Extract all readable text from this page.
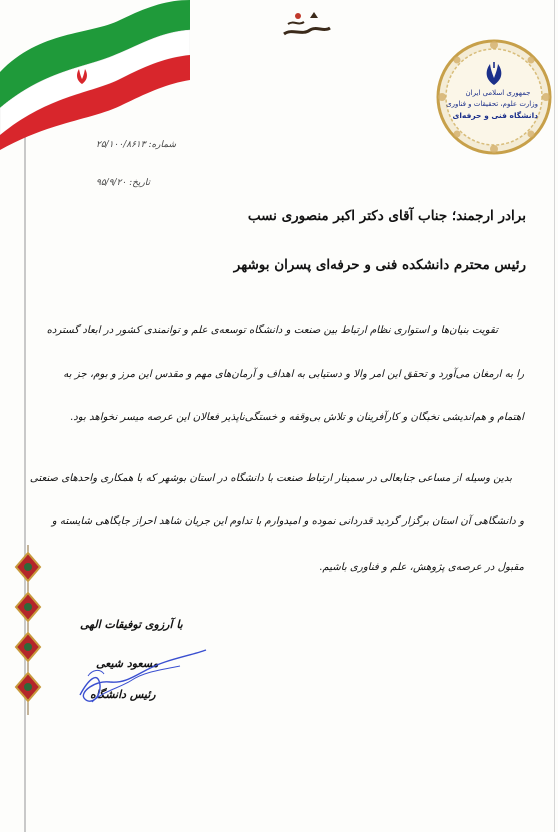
جمهوری اسلامی ایران
وزارت علوم، تحقیقات و فناوری
دانشگاه فنی و حرفه‌ای
شماره: ۲۵/۱۰۰/۸۶۱۳
تاریخ: ۹۵/۹/۲۰
برادر ارجمند؛ جناب آقای دکتر اکبر منصوری نسب
رئیس محترم دانشکده فنی و حرفه‌ای پسران بوشهر
تقویت بنیان‌ها و استواری نظام ارتباط بین صنعت و دانشگاه توسعه‌ی علم و توانمندی کشور در ابعاد گسترده
را به ارمغان می‌آورد و تحقق این امر والا و دستیابی به اهداف و آرمان‌های مهم و مقدس این مرز و بوم، جز به
اهتمام و هم‌اندیشی نخبگان و کارآفرینان و تلاش بی‌وقفه و خستگی‌ناپذیر فعالان این عرصه میسر نخواهد بود.
بدین وسیله از مساعی جنابعالی در سمینار ارتباط صنعت با دانشگاه در استان بوشهر که با همکاری واحدهای صنعتی
و دانشگاهی آن استان برگزار گردید قدردانی نموده و امیدوارم با تداوم این جریان شاهد احراز جایگاهی شایسته و
مقبول در عرصه‌ی پژوهش، علم و فناوری باشیم.
با آرزوی توفیقات الهی
مسعود شیعی
رئیس دانشگاه
